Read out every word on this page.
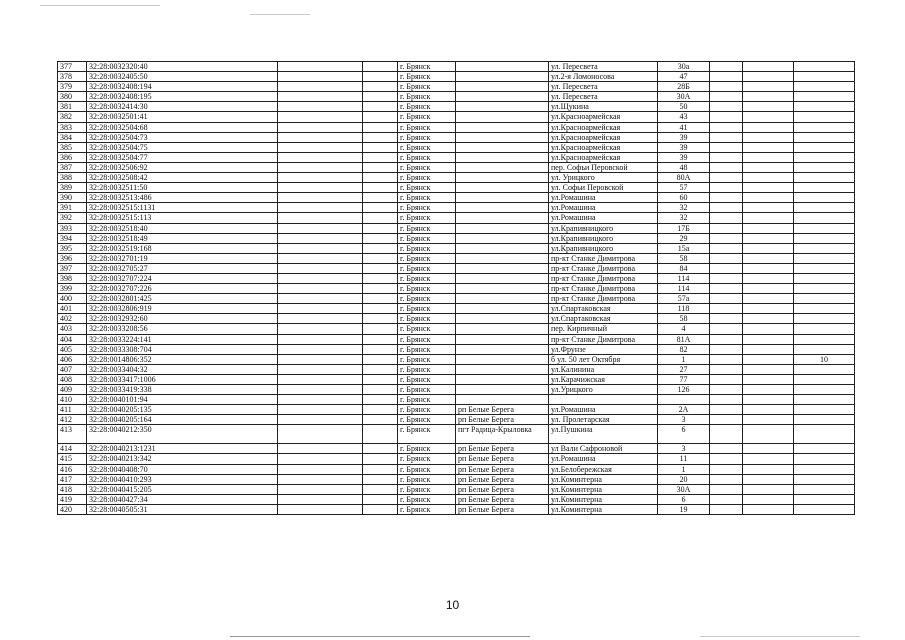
377	32:28:0032320:40			г. Брянск		ул. Пересвета	30а			
378	32:28:0032405:50			г. Брянск		ул.2-я Ломоносова	47			
379	32:28:0032408:194			г. Брянск		ул. Пересвета	28Б			
380	32:28:0032408:195			г. Брянск		ул. Пересвета	30А			
381	32:28:0032414:30			г. Брянск		ул.Щукина	50			
382	32:28:0032501:41			г. Брянск		ул.Красноармейская	43			
383	32:28:0032504:68			г. Брянск		ул.Красноармейская	41			
384	32:28:0032504:73			г. Брянск		ул.Красноармейская	39			
385	32:28:0032504:75			г. Брянск		ул.Красноармейская	39			
386	32:28:0032504:77			г. Брянск		ул.Красноармейская	39			
387	32:28:0032506:92			г. Брянск		пер. Софьи Перовской	48			
388	32:28:0032508:42			г. Брянск		ул. Урицкого	80А			
389	32:28:0032511:50			г. Брянск		ул. Софьи Перовской	57			
390	32:28:0032513:486			г. Брянск		ул.Ромашина	60			
391	32:28:0032515:1131			г. Брянск		ул.Ромашина	32			
392	32:28:0032515:113			г. Брянск		ул.Ромашина	32			
393	32:28:0032518:40			г. Брянск		ул.Крапивницкого	17Б			
394	32:28:0032518:49			г. Брянск		ул.Крапивницкого	29			
395	32:28:0032519:168			г. Брянск		ул.Крапивницкого	15а			
396	32:28:0032701:19			г. Брянск		пр-кт Станке Димитрова	58			
397	32:28:0032705:27			г. Брянск		пр-кт Станке Димитрова	84			
398	32:28:0032707:224			г. Брянск		пр-кт Станке Димитрова	114			
399	32:28:0032707:226			г. Брянск		пр-кт Станке Димитрова	114			
400	32:28:0032801:425			г. Брянск		пр-кт Станке Димитрова	57а			
401	32:28:0032806:919			г. Брянск		ул.Спартаковская	118			
402	32:28:0032932:60			г. Брянск		ул.Спартаковская	58			
403	32:28:0033208:56			г. Брянск		пер. Кирпичный	4			
404	32:28:0033224:141			г. Брянск		пр-кт Станке Димитрова	81А			
405	32:28:0033308:704			г. Брянск		ул.Фрунзе	82			
406	32:28:0014806:352			г. Брянск		б ул. 50 лет Октября	1			10
407	32:28:0033404:32			г. Брянск		ул.Калинина	27			
408	32:28:0033417:1006			г. Брянск		ул.Карачижская	77			
409	32:28:0033419:338			г. Брянск		ул.Урицкого	126			
410	32:28:0040101:94			г. Брянск						
411	32:28:0040205:135			г. Брянск	рп Белые Берега	ул.Ромашина	2А			
412	32:28:0040205:164			г. Брянск	рп Белые Берега	ул. Пролетарская	3			
413	32:28:0040212:350			г. Брянск	пгт Радица-Крыловка	ул.Пушкина	6			
414	32:28:0040213:1231			г. Брянск	рп Белые Берега	ул Вали Сафроновой	3			
415	32:28:0040213:342			г. Брянск	рп Белые Берега	ул.Ромашина	11			
416	32:28:0040408:70			г. Брянск	рп Белые Берега	ул.Белобережская	1			
417	32:28:0040410:293			г. Брянск	рп Белые Берега	ул.Коминтерна	20			
418	32:28:0040415:205			г. Брянск	рп Белые Берега	ул.Коминтерна	30А			
419	32:28:0040427:34			г. Брянск	рп Белые Берега	ул.Коминтерна	6			
420	32:28:0040505:31			г. Брянск	рп Белые Берега	ул.Коминтерна	19			
10
